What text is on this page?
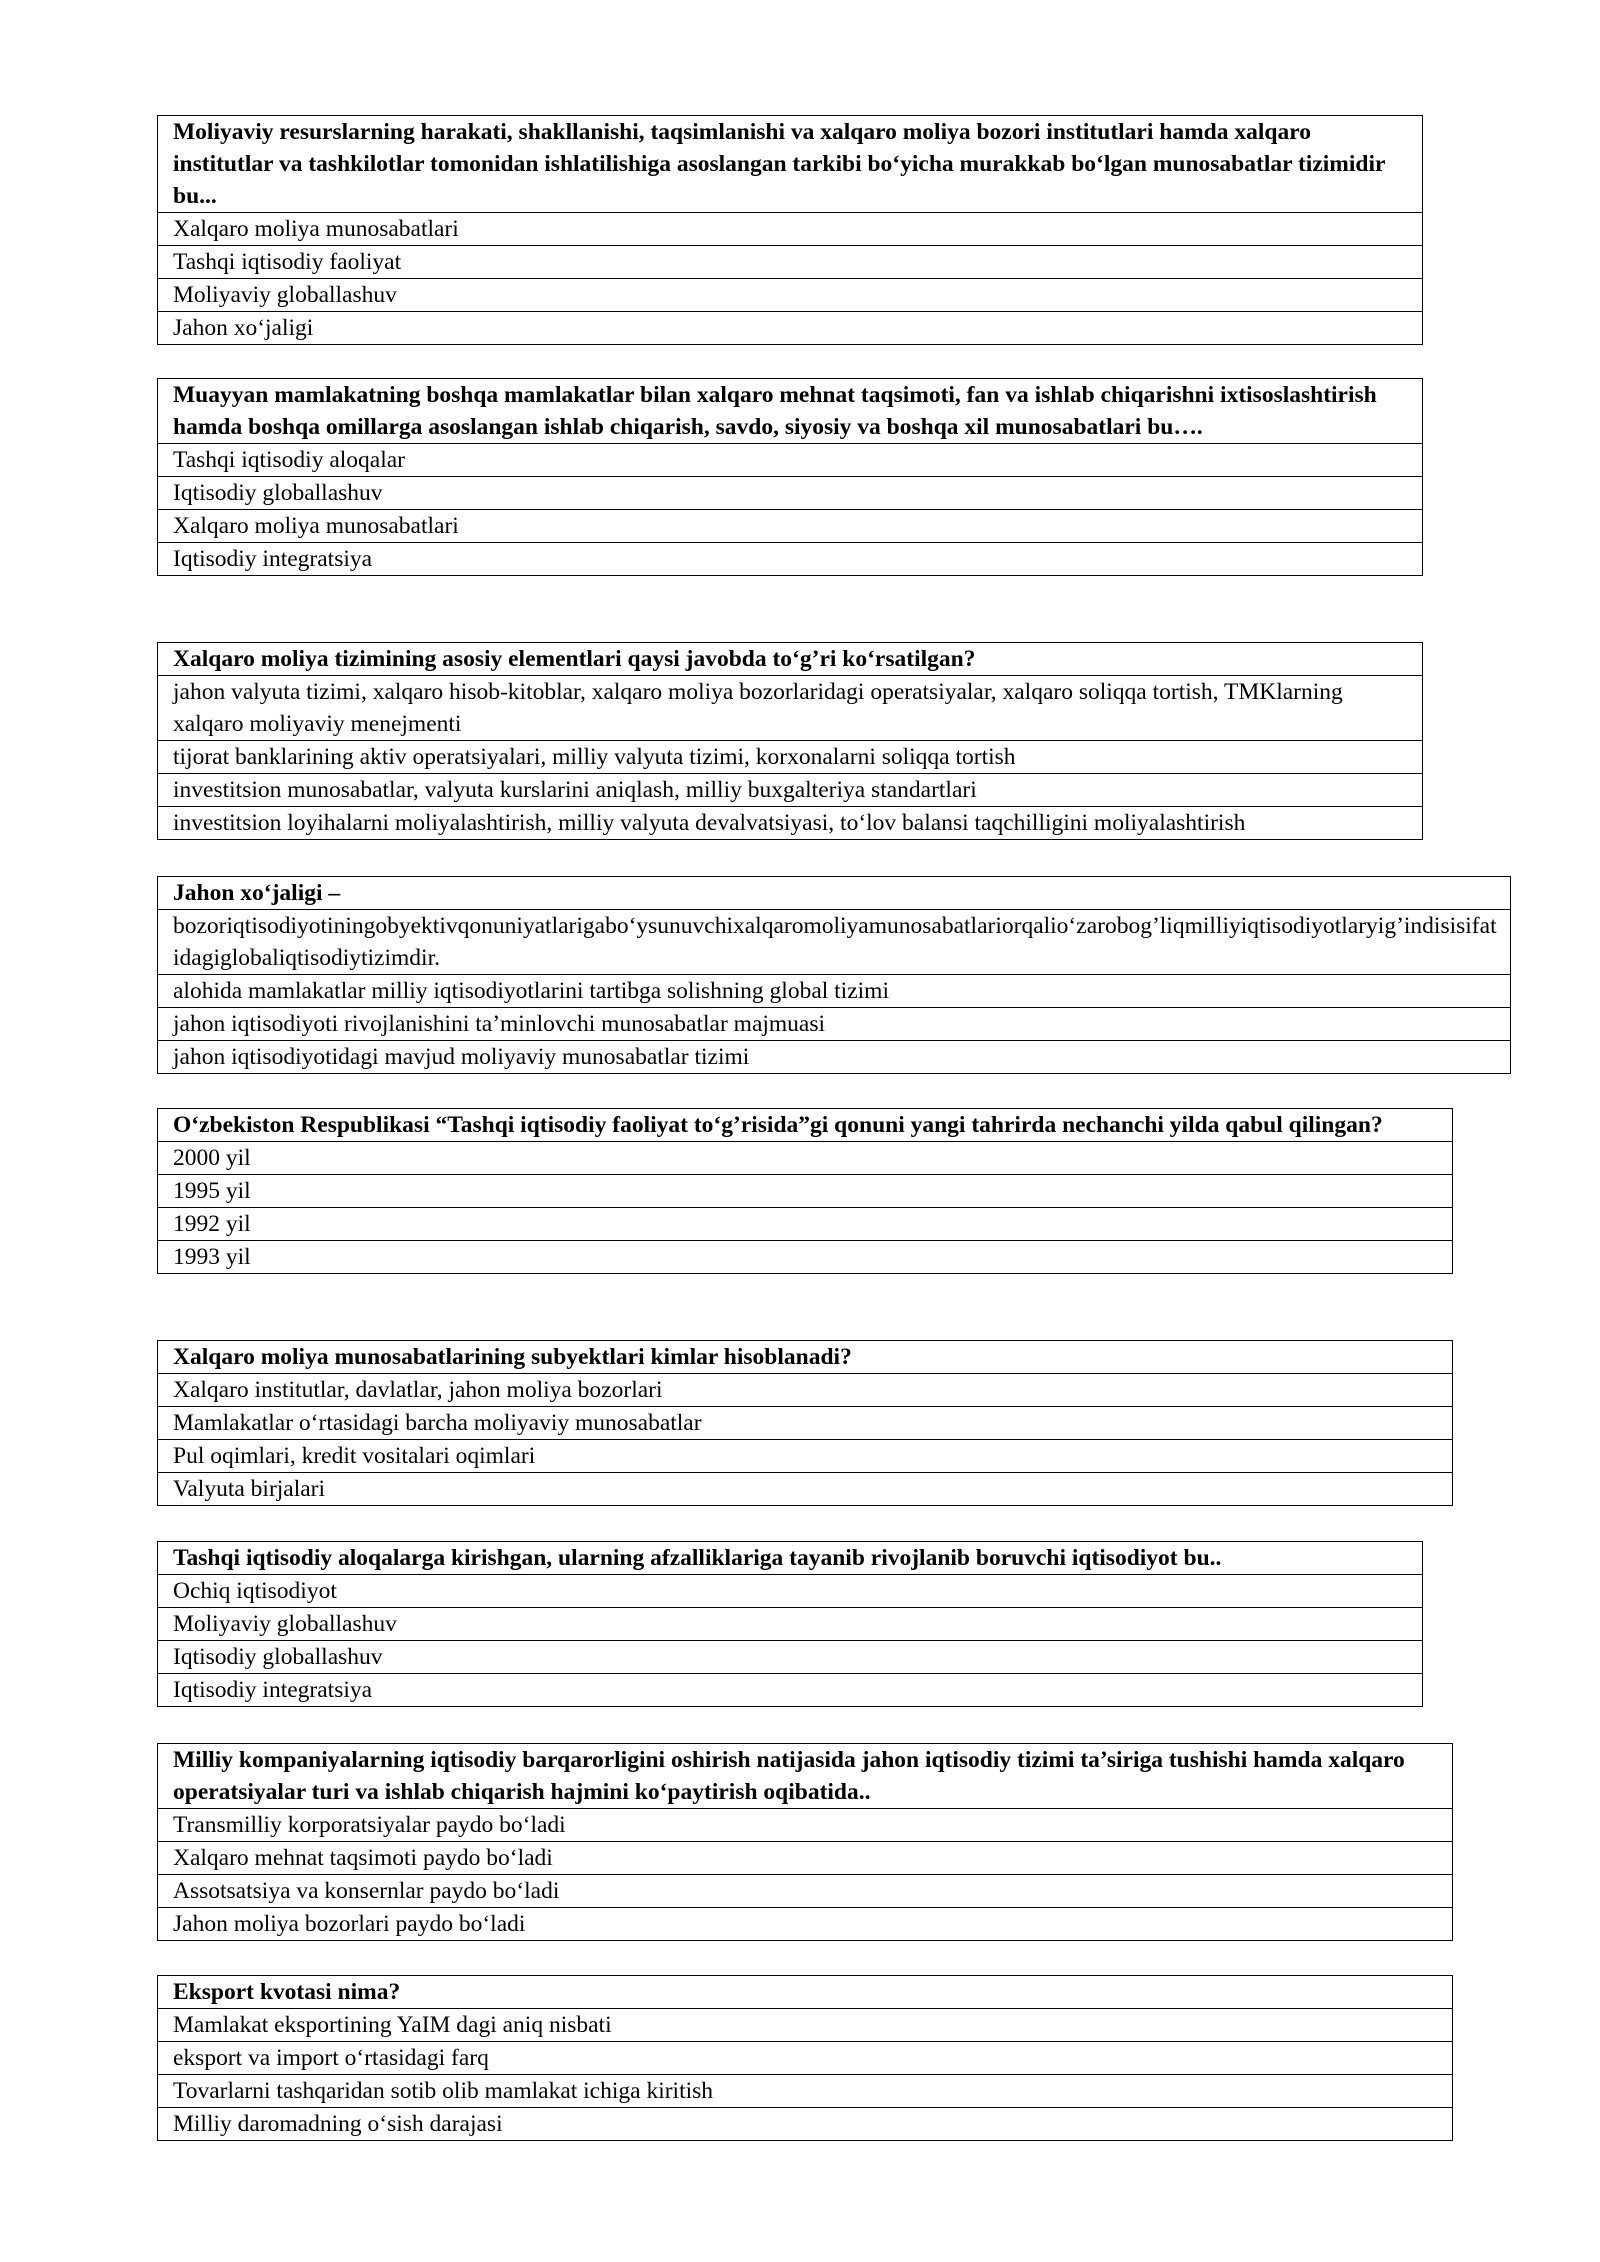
Moliyaviy resurslarning harakati, shakllanishi, taqsimlanishi va xalqaro moliya bozori institutlari hamda xalqaro institutlar va tashkilotlar tomonidan ishlatilishiga asoslangan tarkibi bo‘yicha murakkab bo‘lgan munosabatlar tizimidir bu...
Xalqaro moliya munosabatlari
Tashqi iqtisodiy faoliyat
Moliyaviy globallashuv
Jahon xo‘jaligi
Muayyan mamlakatning boshqa mamlakatlar bilan xalqaro mehnat taqsimoti, fan va ishlab chiqarishni ixtisoslashtirish hamda boshqa omillarga asoslangan ishlab chiqarish, savdo, siyosiy va boshqa xil munosabatlari bu….
Tashqi iqtisodiy aloqalar
Iqtisodiy globallashuv
Xalqaro moliya munosabatlari
Iqtisodiy integratsiya
Xalqaro moliya tizimining asosiy elementlari qaysi javobda to‘g’ri ko‘rsatilgan?
jahon valyuta tizimi, xalqaro hisob-kitoblar, xalqaro moliya bozorlaridagi operatsiyalar, xalqaro soliqqa tortish, TMKlarning xalqaro moliyaviy menejmenti
tijorat banklarining aktiv operatsiyalari, milliy valyuta tizimi, korxonalarni soliqqa tortish
investitsion munosabatlar, valyuta kurslarini aniqlash, milliy buxgalteriya standartlari
investitsion loyihalarni moliyalashtirish, milliy valyuta devalvatsiyasi, to‘lov balansi taqchilligini moliyalashtirish
Jahon xo‘jaligi –
bozoriqtisodiyotiningobyektivqonuniyatlarigabo‘ysunuvchixalqaromoliyamunosabatlariorqalio‘zarobog’liqmilliyiqtisodiyotlaryig’indisisifatidagiglobaliqtisodiytizimdir.
alohida mamlakatlar milliy iqtisodiyotlarini tartibga solishning global tizimi
jahon iqtisodiyoti rivojlanishini ta’minlovchi munosabatlar majmuasi
jahon iqtisodiyotidagi mavjud moliyaviy munosabatlar tizimi
O‘zbekiston Respublikasi “Tashqi iqtisodiy faoliyat to‘g’risida”gi qonuni yangi tahrirda nechanchi yilda qabul qilingan?
2000 yil
1995 yil
1992 yil
1993 yil
Xalqaro moliya munosabatlarining subyektlari kimlar hisoblanadi?
Xalqaro institutlar, davlatlar, jahon moliya bozorlari
Mamlakatlar o‘rtasidagi barcha moliyaviy munosabatlar
Pul oqimlari, kredit vositalari oqimlari
Valyuta birjalari
Tashqi iqtisodiy aloqalarga kirishgan, ularning afzalliklariga tayanib rivojlanib boruvchi iqtisodiyot bu..
Ochiq iqtisodiyot
Moliyaviy globallashuv
Iqtisodiy globallashuv
Iqtisodiy integratsiya
Milliy kompaniyalarning iqtisodiy barqarorligini oshirish natijasida jahon iqtisodiy tizimi ta’siriga tushishi hamda xalqaro operatsiyalar turi va ishlab chiqarish hajmini ko‘paytirish oqibatida..
Transmilliy korporatsiyalar paydo bo‘ladi
Xalqaro mehnat taqsimoti paydo bo‘ladi
Assotsatsiya va konsernlar paydo bo‘ladi
Jahon moliya bozorlari paydo bo‘ladi
Eksport kvotasi nima?
Mamlakat eksportining YaIM dagi aniq nisbati
eksport va import o‘rtasidagi farq
Tovarlarni tashqaridan sotib olib mamlakat ichiga kiritish
Milliy daromadning o‘sish darajasi
